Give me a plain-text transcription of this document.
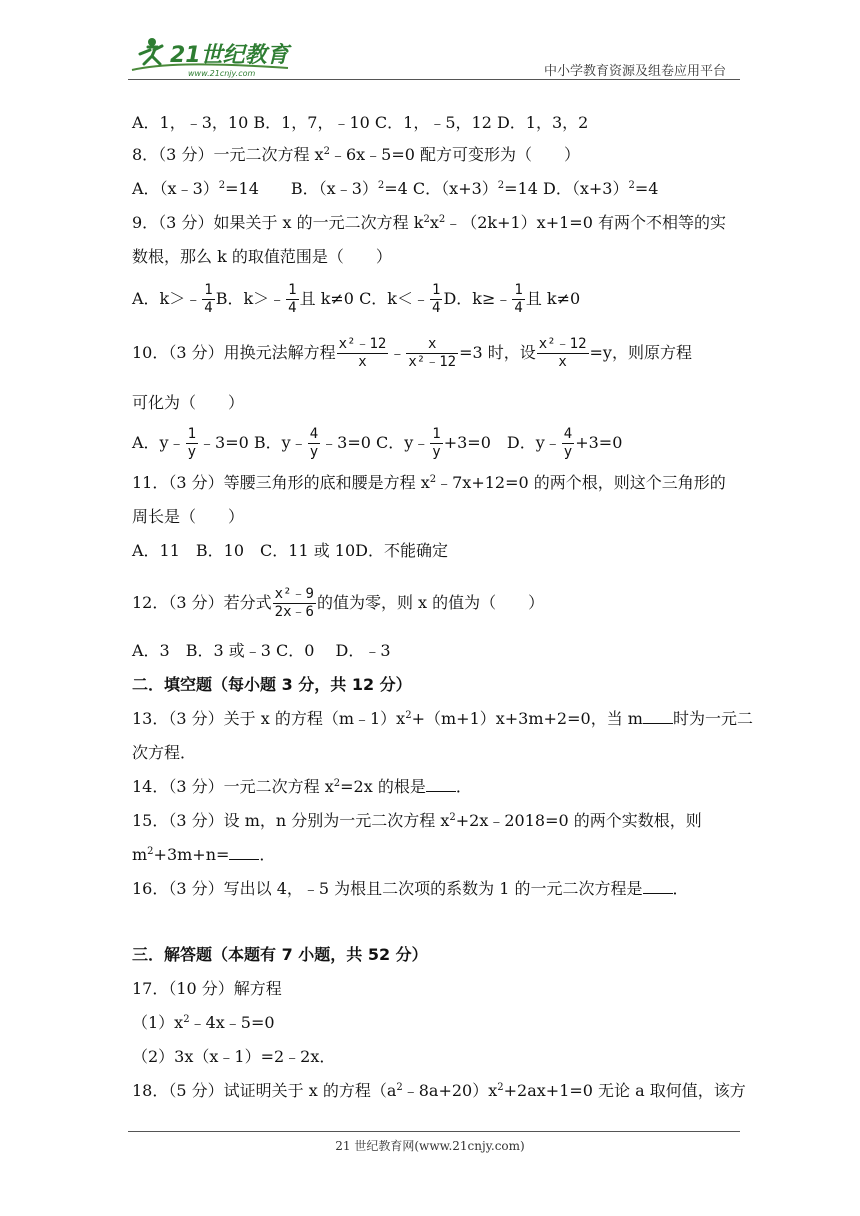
21世纪教育
www.21cnjy.com	中小学教育资源及组卷应用平台
A．1，﹣3，10 B．1，7，﹣10 C．1，﹣5，12 D．1，3，2
8．（3 分）一元二次方程 $x^2﹣6x﹣5=0$ 配方可变形为（　　）
A．（x﹣3）$^2$=14　　B．（x﹣3）$^2$=4 C．$(x+3)^2=14$ D．$(x+3)^2=4$
9．（3 分）如果关于 x 的一元二次方程 $k^2x^2﹣(2k+1)x+1=0$ 有两个不相等的实
数根，那么 k 的取值范围是（　　）
A．k＞﹣ $\frac{1}{4}$ B．k＞﹣ $\frac{1}{4}$ 且 k≠0 C．k＜﹣ $\frac{1}{4}$ D．k≥﹣ $\frac{1}{4}$ 且 k≠0
10．（3 分）用换元法解方程 $\frac{\text{x²﹣12}}{x}$ ﹣ $\frac{x}{\text{x²﹣12}} =3$ 时，设 $\frac{\text{x²﹣12}}{x} =y$，则原方程
可化为（　　）
A．y﹣ $\frac{1}{y}$ ﹣3=0 B．y﹣ $\frac{4}{y}$ ﹣3=0 C．y﹣ $\frac{1}{y} +3=0$　D．y﹣ $\frac{4}{y} +3=0$
11．（3 分）等腰三角形的底和腰是方程 $x^2﹣7x+12=0$ 的两个根，则这个三角形的
周长是（　　）
A．11　B．10　C．11 或 10D．不能确定
12．（3 分）若分式 $\frac{\text{x²﹣9}}{2x﹣6}$ 的值为零，则 x 的值为（　　）
A．3　B．3 或﹣3 C．0　 D．﹣3
二．填空题（每小题 3 分，共 12 分）
13．（3 分）关于 x 的方程$(m﹣1)x^2+(m+1)x+3m+2=0$，当 m 时为一元二
次方程．
14．（3 分）一元二次方程 $x^2=2x$ 的根是 ．
15．（3 分）设 m，n 分别为一元二次方程 $x^2+2x﹣2018=0$ 的两个实数根，则
$m^2+3m+n=$ ．
16．（3 分）写出以 4，﹣5 为根且二次项的系数为 1 的一元二次方程是 ．
三．解答题（本题有 7 小题，共 52 分）
17．（10 分）解方程
$(1)x^2﹣4x﹣5=0$
（2）3x（x﹣1）=2﹣2x．
18．（5 分）试证明关于 x 的方程$(a^2﹣8a+20)x^2+2ax+1=0$ 无论 a 取何值，该方
21 世纪教育网(www.21cnjy.com)
